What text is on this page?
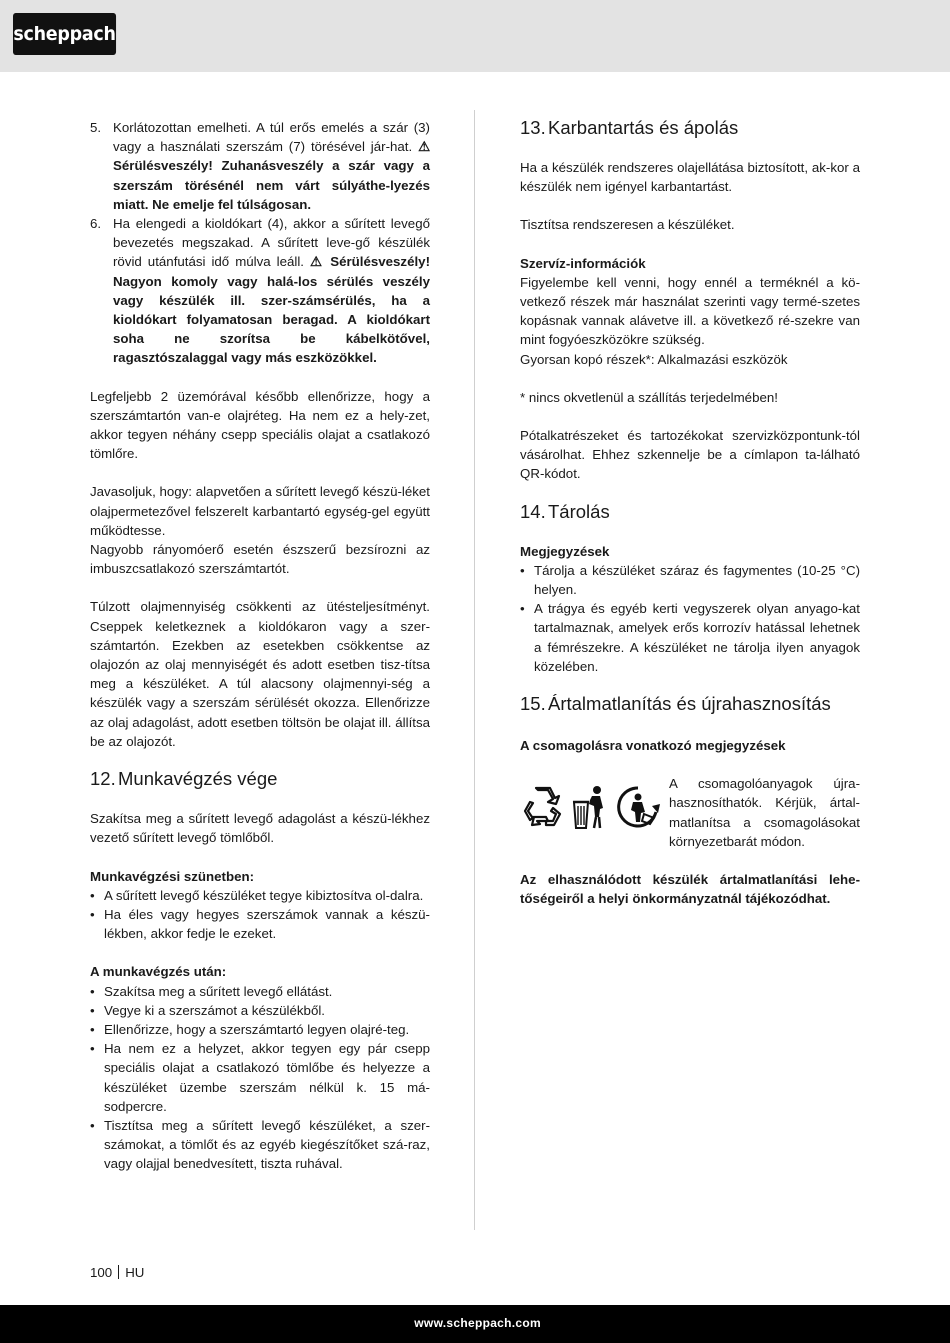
scheppach
5. Korlátozottan emelheti. A túl erős emelés a szár (3) vagy a használati szerszám (7) törésével jár-hat. ⚠ Sérülésveszély! Zuhanásveszély a szár vagy a szerszám törésénél nem várt súlyáthe-lyezés miatt. Ne emelje fel túlságosan.
6. Ha elengedi a kioldókart (4), akkor a sűrített levegő bevezetés megszakad. A sűrített leve-gő készülék rövid utánfutási idő múlva leáll. ⚠ Sérülésveszély! Nagyon komoly vagy halá-los sérülés veszély vagy készülék ill. szer-számsérülés, ha a kioldókart folyamatosan beragad. A kioldókart soha ne szorítsa be kábelkötővel, ragasztószalaggal vagy más eszközökkel.

Legfeljebb 2 üzemórával később ellenőrizze, hogy a szerszámtartón van-e olajréteg. Ha nem ez a hely-zet, akkor tegyen néhány csepp speciális olajat a csatlakozó tömlőre.

Javasoljuk, hogy: alapvetően a sűrített levegő készü-léket olajpermetezővel felszerelt karbantartó egység-gel együtt működtesse.

Nagyobb rányomóerő esetén észszerű bezsírozni az imbuszcsatlakozó szerszámtartót.

Túlzott olajmennyiség csökkenti az ütésteljesítményt. Cseppek keletkeznek a kioldókaron vagy a szer-számtartón. Ezekben az esetekben csökkentse az olajozón az olaj mennyiségét és adott esetben tisz-títsa meg a készüléket. A túl alacsony olajmennyi-ség a készülék vagy a szerszám sérülését okozza. Ellenőrizze az olaj adagolást, adott esetben töltsön be olajat ill. állítsa be az olajozót.

12. Munkavégzés vége

Szakítsa meg a sűrített levegő adagolást a készü-lékhez vezető sűrített levegő tömlőből.

Munkavégzési szünetben:
• A sűrített levegő készüléket tegye kibiztosítva ol-dalra.
• Ha éles vagy hegyes szerszámok vannak a készü-lékben, akkor fedje le ezeket.
A munkavégzés után:
• Szakítsa meg a sűrített levegő ellátást.
• Vegye ki a szerszámot a készülékből.
• Ellenőrizze, hogy a szerszámtartó legyen olajré-teg.
• Ha nem ez a helyzet, akkor tegyen egy pár csepp speciális olajat a csatlakozó tömlőbe és helyezze a készüléket üzembe szerszám nélkül k. 15 má-sodpercre.
• Tisztítsa meg a sűrített levegő készüléket, a szer-számokat, a tömlőt és az egyéb kiegészítőket szá-raz, vagy olajjal benedvesített, tiszta ruhával.
13. Karbantartás és ápolás

Ha a készülék rendszeres olajellátása biztosított, ak-kor a készülék nem igényel karbantartást.

Tisztítsa rendszeresen a készüléket.

Szervíz-információk

Figyelembe kell venni, hogy ennél a terméknél a kö-vetkező részek már használat szerinti vagy termé-szetes kopásnak vannak alávetve ill. a következő ré-szekre van mint fogyóeszközökre szükség.

Gyorsan kopó részek*: Alkalmazási eszközök

* nincs okvetlenül a szállítás terjedelmében!

Pótalkatrészeket és tartozékokat szervizközpontunk-tól vásárolhat. Ehhez szkennelje be a címlapon ta-lálható QR-kódot.

14. Tárolás
Megjegyzések
• Tárolja a készüléket száraz és fagymentes (10-25 °C) helyen.
• A trágya és egyéb kerti vegyszerek olyan anyago-kat tartalmaznak, amelyek erős korrozív hatással lehetnek a fémrészekre. A készüléket ne tárolja ilyen anyagok közelében.
15. Ártalmatlanítás és újrahasznosítás
A csomagolásra vonatkozó megjegyzések

A csomagolóanyagok újra-hasznosíthatók. Kérjük, ártal-matlanítsa a csomagolásokat környezetbarát módon.

Az elhasználódott készülék ártalmatlanítási lehe-tőségeiről a helyi önkormányzatnál tájékozódhat.

100 HU
www.scheppach.com
